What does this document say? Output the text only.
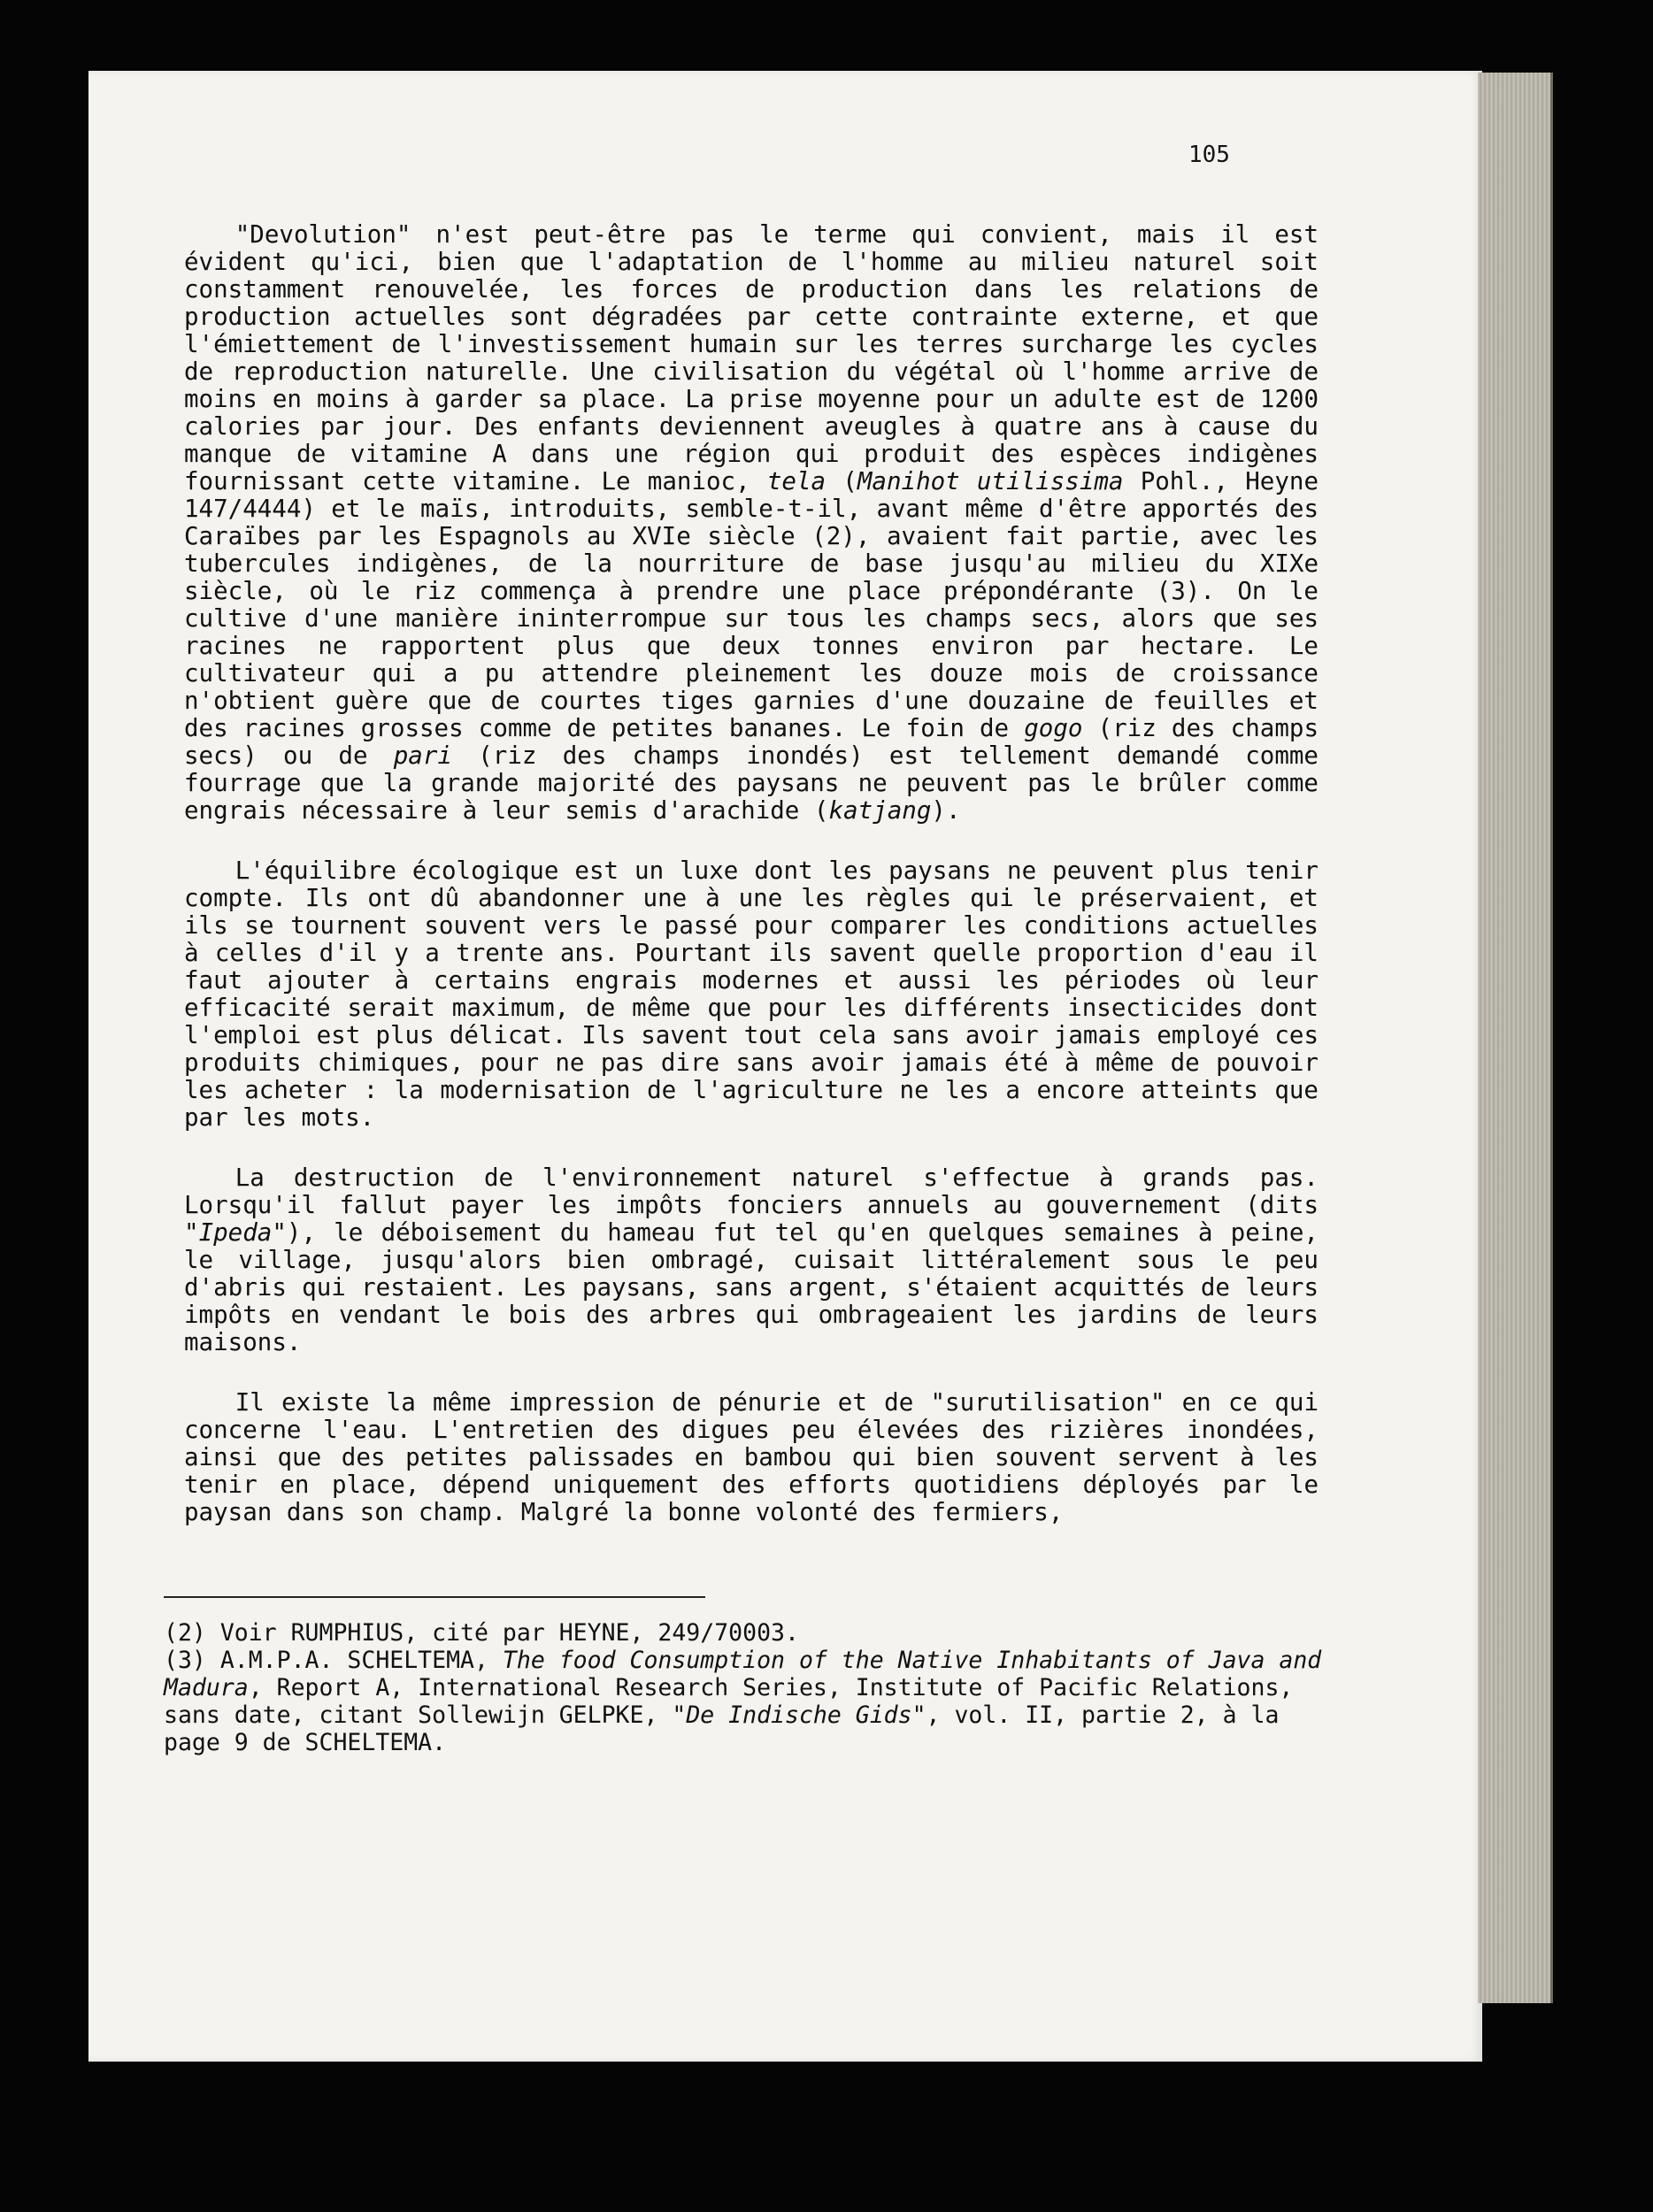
105

"Devolution" n'est peut-être pas le terme qui convient, mais il est évident qu'ici, bien que l'adaptation de l'homme au milieu naturel soit constamment renouvelée, les forces de production dans les relations de production actuelles sont dégradées par cette contrainte externe, et que l'émiettement de l'investissement humain sur les terres surcharge les cycles de reproduction naturelle. Une civilisation du végétal où l'homme arrive de moins en moins à garder sa place. La prise moyenne pour un adulte est de 1200 calories par jour. Des enfants deviennent aveugles à quatre ans à cause du manque de vitamine A dans une région qui produit des espèces indigènes fournissant cette vitamine. Le manioc, tela (Manihot utilissima Pohl., Heyne 147/4444) et le maïs, introduits, semble-t-il, avant même d'être apportés des Caraïbes par les Espagnols au XVIe siècle (2), avaient fait partie, avec les tubercules indigènes, de la nourriture de base jusqu'au milieu du XIXe siècle, où le riz commença à prendre une place prépondérante (3). On le cultive d'une manière ininterrompue sur tous les champs secs, alors que ses racines ne rapportent plus que deux tonnes environ par hectare. Le cultivateur qui a pu attendre pleinement les douze mois de croissance n'obtient guère que de courtes tiges garnies d'une douzaine de feuilles et des racines grosses comme de petites bananes. Le foin de gogo (riz des champs secs) ou de pari (riz des champs inondés) est tellement demandé comme fourrage que la grande majorité des paysans ne peuvent pas le brûler comme engrais nécessaire à leur semis d'arachide (katjang).

L'équilibre écologique est un luxe dont les paysans ne peuvent plus tenir compte. Ils ont dû abandonner une à une les règles qui le préservaient, et ils se tournent souvent vers le passé pour comparer les conditions actuelles à celles d'il y a trente ans. Pourtant ils savent quelle proportion d'eau il faut ajouter à certains engrais modernes et aussi les périodes où leur efficacité serait maximum, de même que pour les différents insecticides dont l'emploi est plus délicat. Ils savent tout cela sans avoir jamais employé ces produits chimiques, pour ne pas dire sans avoir jamais été à même de pouvoir les acheter : la modernisation de l'agriculture ne les a encore atteints que par les mots.

La destruction de l'environnement naturel s'effectue à grands pas. Lorsqu'il fallut payer les impôts fonciers annuels au gouvernement (dits "Ipeda"), le déboisement du hameau fut tel qu'en quelques semaines à peine, le village, jusqu'alors bien ombragé, cuisait littéralement sous le peu d'abris qui restaient. Les paysans, sans argent, s'étaient acquittés de leurs impôts en vendant le bois des arbres qui ombrageaient les jardins de leurs maisons.

Il existe la même impression de pénurie et de "surutilisation" en ce qui concerne l'eau. L'entretien des digues peu élevées des rizières inondées, ainsi que des petites palissades en bambou qui bien souvent servent à les tenir en place, dépend uniquement des efforts quotidiens déployés par le paysan dans son champ. Malgré la bonne volonté des fermiers,

(2) Voir RUMPHIUS, cité par HEYNE, 249/70003.

(3) A.M.P.A. SCHELTEMA, The food Consumption of the Native Inhabitants of Java and Madura, Report A, International Research Series, Institute of Pacific Relations, sans date, citant Sollewijn GELPKE, "De Indische Gids", vol. II, partie 2, à la page 9 de SCHELTEMA.
